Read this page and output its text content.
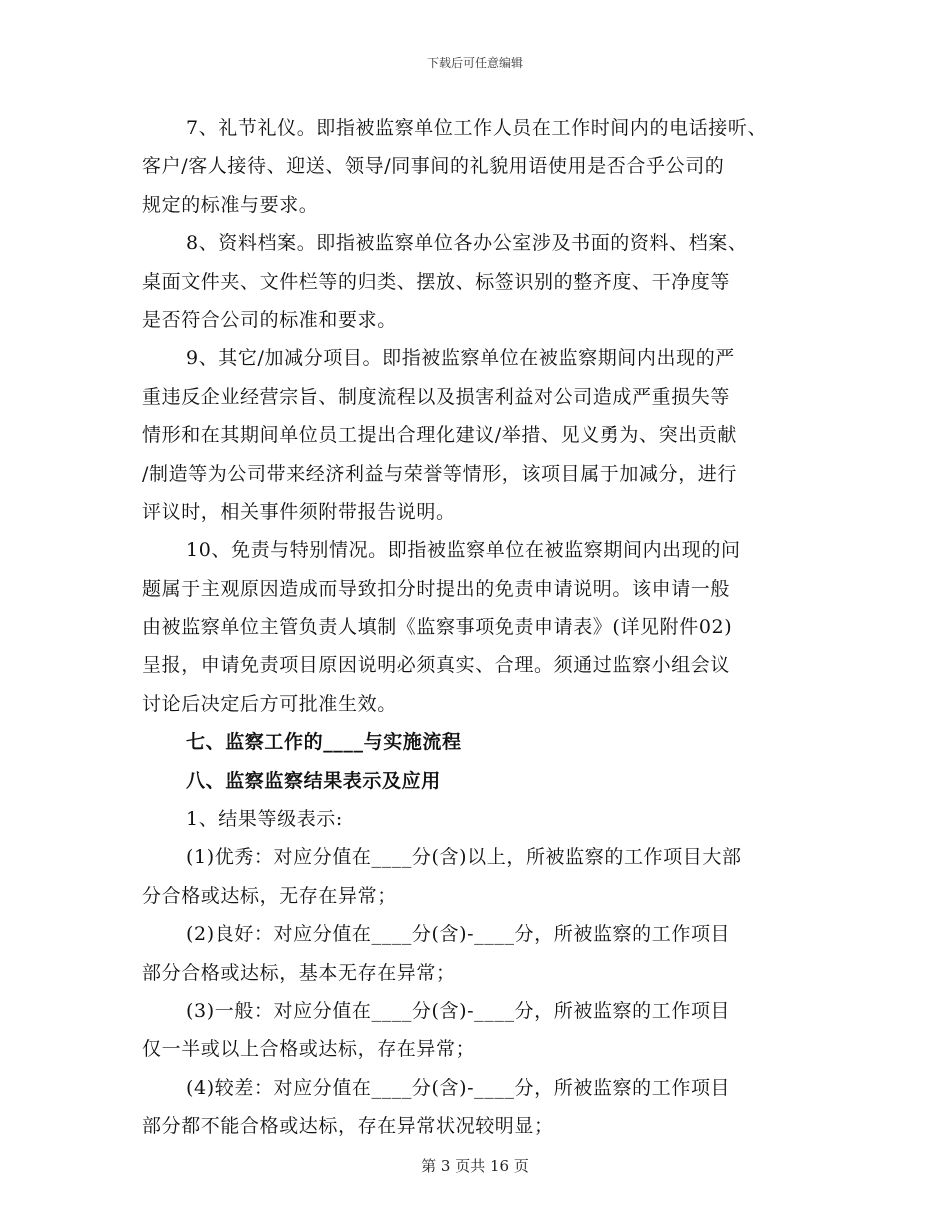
下载后可任意编辑
7、礼节礼仪。即指被监察单位工作人员在工作时间内的电话接听、
客户/客人接待、迎送、领导/同事间的礼貌用语使用是否合乎公司的
规定的标准与要求。
8、资料档案。即指被监察单位各办公室涉及书面的资料、档案、
桌面文件夹、文件栏等的归类、摆放、标签识别的整齐度、干净度等
是否符合公司的标准和要求。
9、其它/加减分项目。即指被监察单位在被监察期间内出现的严
重违反企业经营宗旨、制度流程以及损害利益对公司造成严重损失等
情形和在其期间单位员工提出合理化建议/举措、见义勇为、突出贡献
/制造等为公司带来经济利益与荣誉等情形，该项目属于加减分，进行
评议时，相关事件须附带报告说明。
10、免责与特别情况。即指被监察单位在被监察期间内出现的问
题属于主观原因造成而导致扣分时提出的免责申请说明。该申请一般
由被监察单位主管负责人填制《监察事项免责申请表》(详见附件02)
呈报，申请免责项目原因说明必须真实、合理。须通过监察小组会议
讨论后决定后方可批准生效。
七、监察工作的____与实施流程
八、监察监察结果表示及应用
1、结果等级表示:
(1)优秀：对应分值在____分(含)以上，所被监察的工作项目大部
分合格或达标，无存在异常；
(2)良好：对应分值在____分(含)-____分，所被监察的工作项目
部分合格或达标，基本无存在异常；
(3)一般：对应分值在____分(含)-____分，所被监察的工作项目
仅一半或以上合格或达标，存在异常；
(4)较差：对应分值在____分(含)-____分，所被监察的工作项目
部分都不能合格或达标，存在异常状况较明显；
第 3 页共 16 页
